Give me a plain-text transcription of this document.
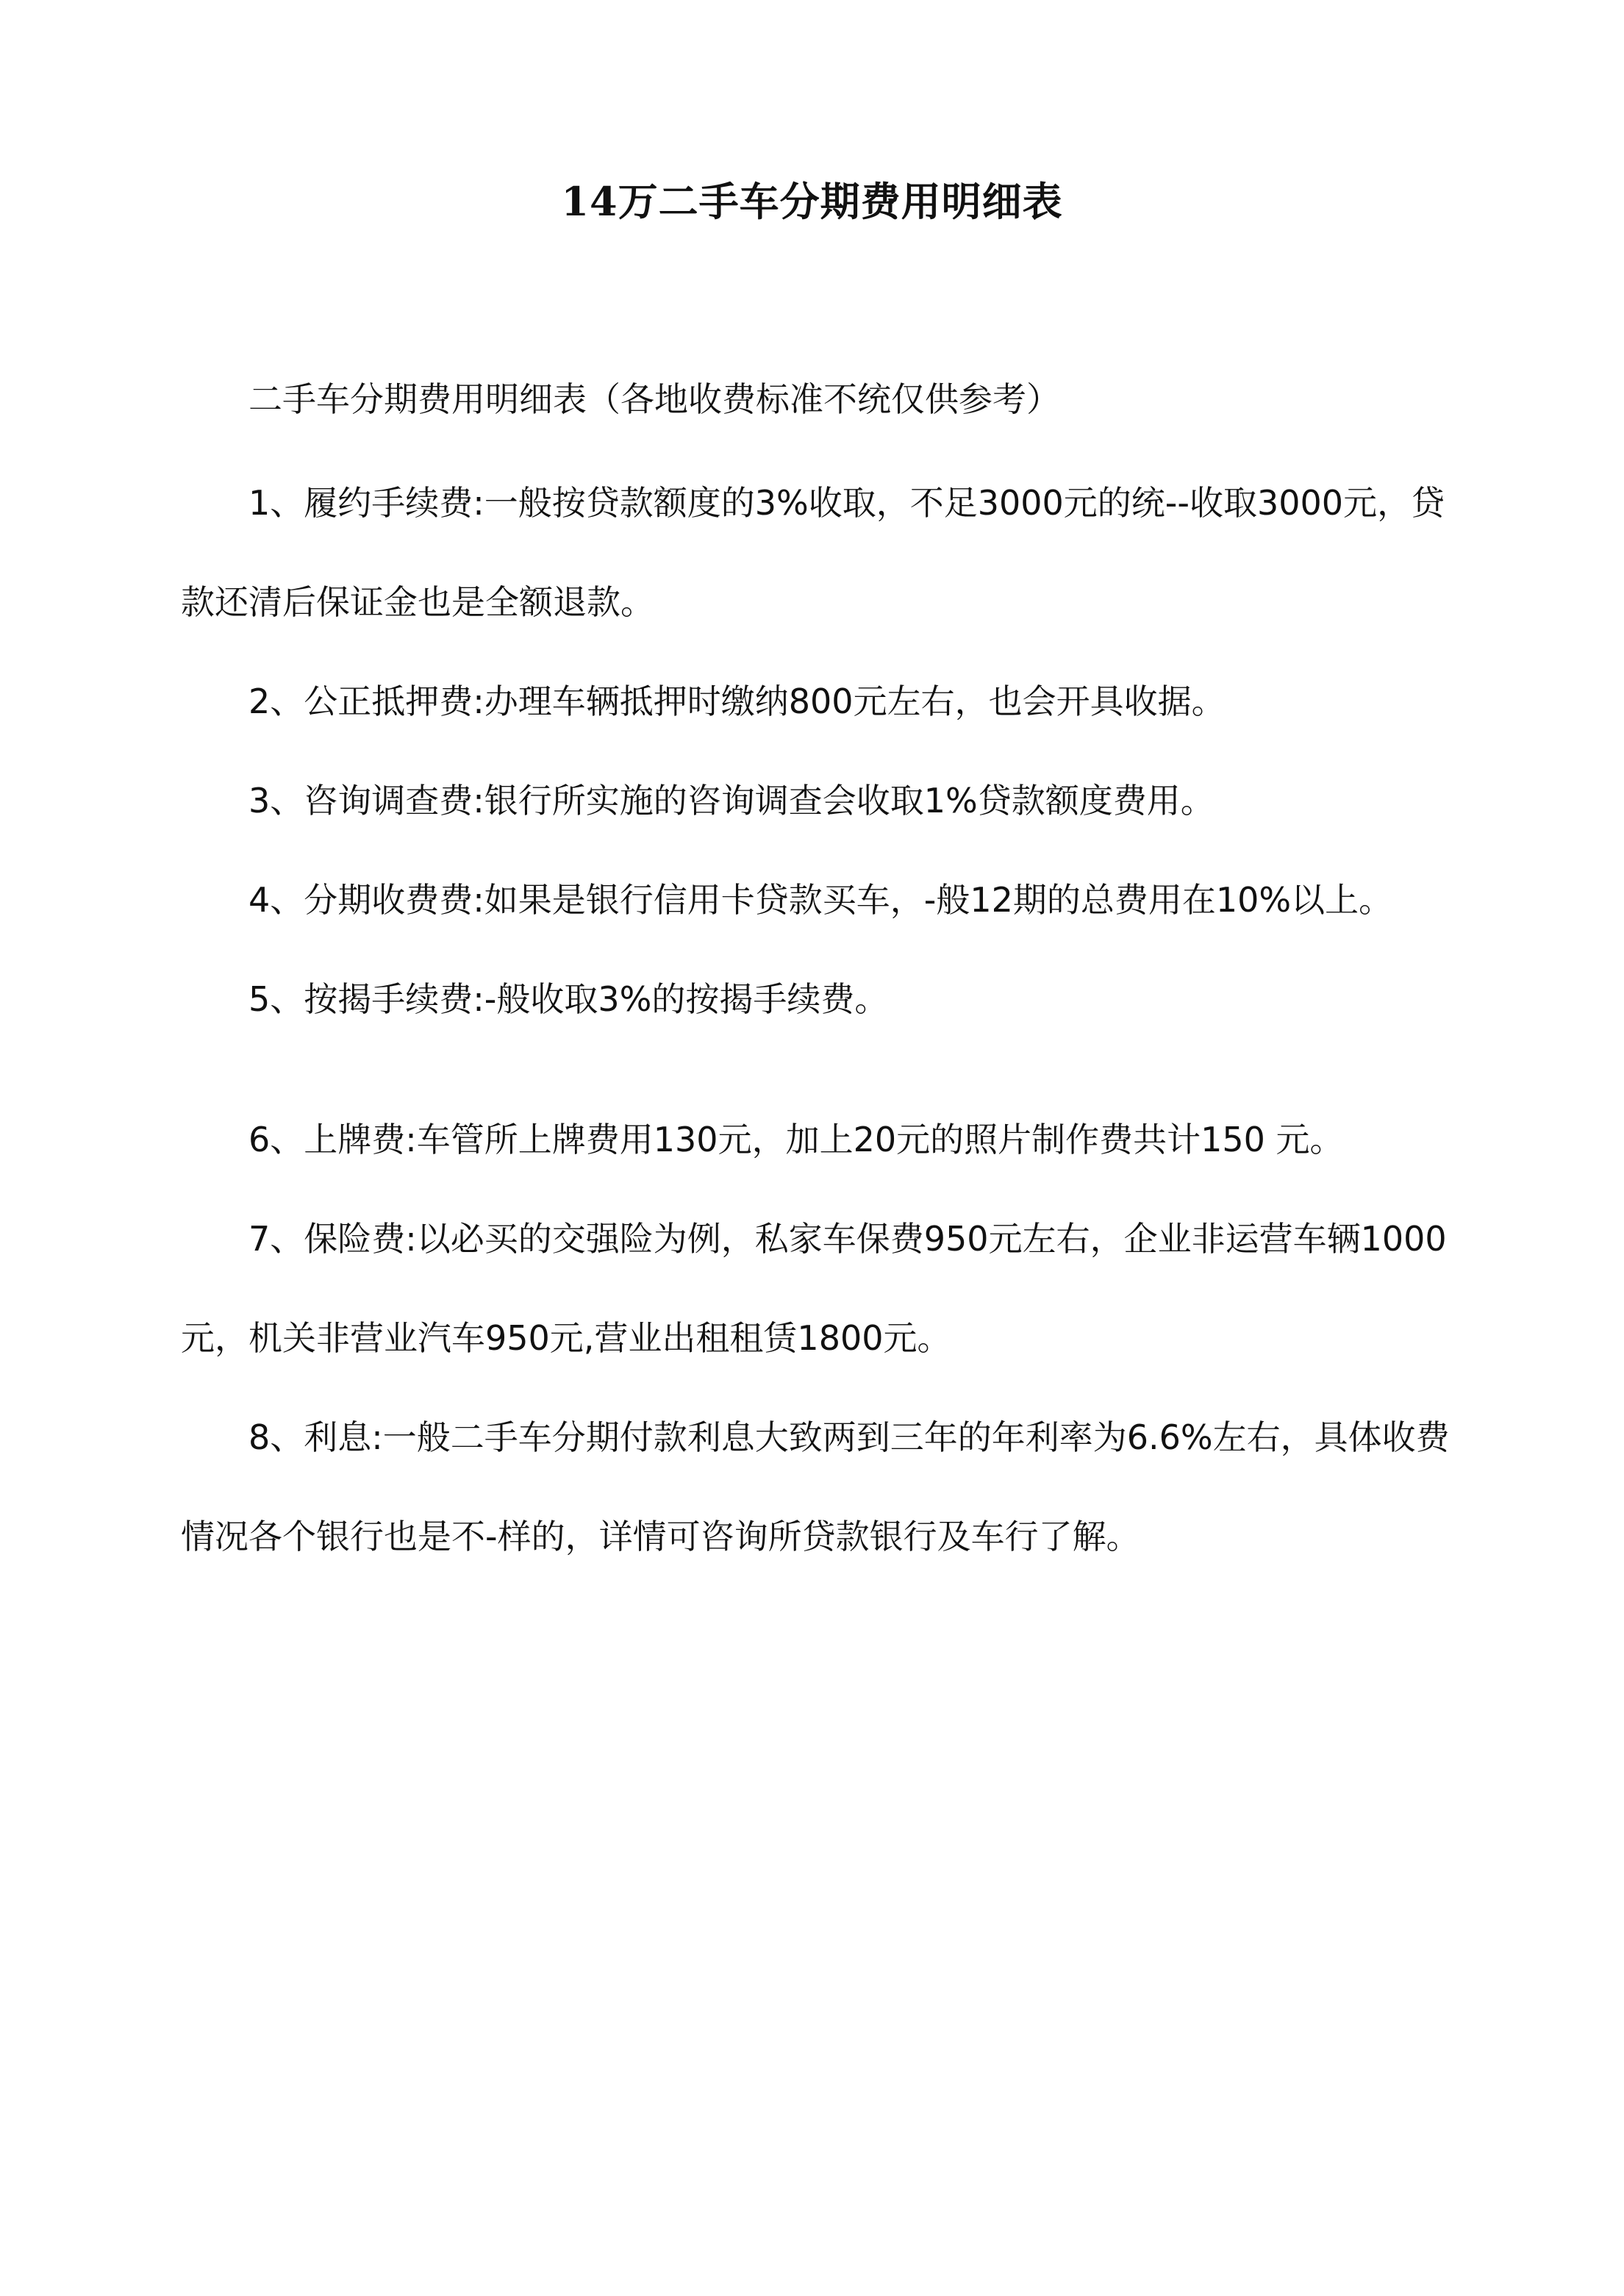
14万二手车分期费用明细表

二手车分期费用明细表（各地收费标准不统仅供参考）

1、履约手续费:一般按贷款额度的3%收取，不足3000元的统--收取3000元，贷款还清后保证金也是全额退款。

2、公正抵押费:办理车辆抵押时缴纳800元左右，也会开具收据。

3、咨询调查费:银行所实施的咨询调查会收取1%贷款额度费用。

4、分期收费费:如果是银行信用卡贷款买车，-般12期的总费用在10%以上。

5、按揭手续费:-般收取3%的按揭手续费。

6、上牌费:车管所上牌费用130元，加上20元的照片制作费共计150 元。

7、保险费:以必买的交强险为例，私家车保费950元左右，企业非运营车辆1000元，机关非营业汽车950元,营业出租租赁1800元。

8、利息:一般二手车分期付款利息大致两到三年的年利率为6.6%左右，具体收费情况各个银行也是不-样的，详情可咨询所贷款银行及车行了解。
